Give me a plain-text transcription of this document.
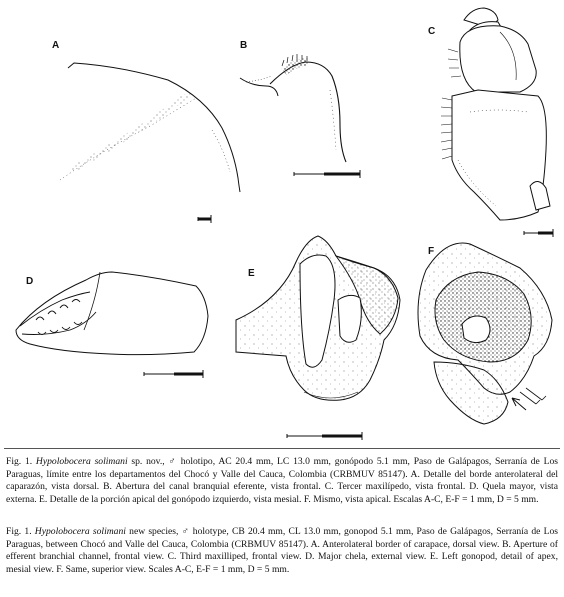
A	B
C
D
E
F
Fig. 1. Hypolobocera solimani sp. nov., ♂ holotipo, AC 20.4 mm, LC 13.0 mm, gonópodo 5.1 mm, Paso de Galápagos, Serranía de Los Paraguas, límite entre los departamentos del Chocó y Valle del Cauca, Colombia (CRBMUV 85147). A. Detalle del borde anterolateral del caparazón, vista dorsal. B. Abertura del canal branquial eferente, vista frontal. C. Tercer maxilípedo, vista frontal. D. Quela mayor, vista externa. E. Detalle de la porción apical del gonópodo izquierdo, vista mesial. F. Mismo, vista apical. Escalas A-C, E-F = 1 mm, D = 5 mm.
Fig. 1. Hypolobocera solimani new species, ♂ holotype, CB 20.4 mm, CL 13.0 mm, gonopod 5.1 mm, Paso de Galápagos, Serranía de Los Paraguas, between Chocó and Valle del Cauca, Colombia (CRBMUV 85147). A. Anterolateral border of carapace, dorsal view. B. Aperture of efferent branchial channel, frontal view. C. Third maxilliped, frontal view. D. Major chela, external view. E. Left gonopod, detail of apex, mesial view. F. Same, superior view. Scales A-C, E-F = 1 mm, D = 5 mm.
